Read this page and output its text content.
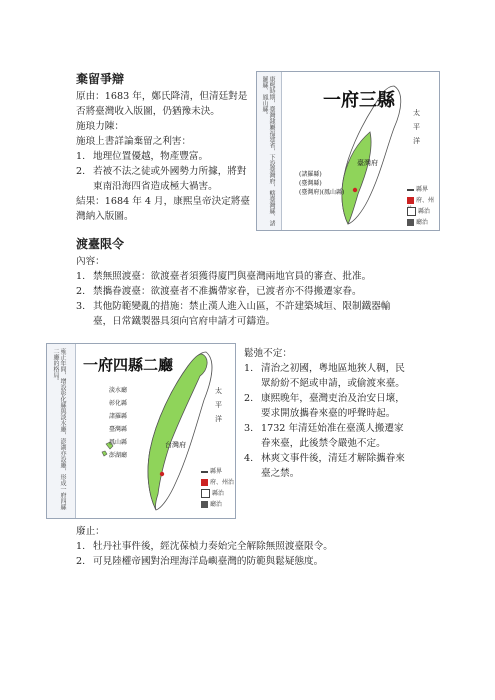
棄留爭辯
原由：1683 年，鄭氏降清，但清廷對是否將臺灣收入版圖，仍猶豫未決。
施琅力陳：
施琅上書詳論棄留之利害：
1. 地理位置優越，物產豐富。
2. 若被不法之徒或外國勢力所據，將對東南沿海四省造成極大禍害。
結果：1684 年 4 月，康熙皇帝決定將臺灣納入版圖。	康熙時期，臺灣隸屬福建省，下設臺灣府，轄臺灣縣、諸羅縣、鳳山縣。	一府三縣
太平洋
臺灣府
(諸羅縣)
(臺灣縣)
(臺灣府)(鳳山縣)	縣界
府、州
縣治
廳治
渡臺限令
內容：
1. 禁無照渡臺：欲渡臺者須獲得廈門與臺灣兩地官員的審查、批准。
2. 禁攜眷渡臺：欲渡臺者不准攜帶家眷，已渡者亦不得搬遷家眷。
3. 其他防範變亂的措施：禁止漢人進入山區，不許建築城垣、限制鐵器輸臺，日常鐵製器具須向官府申請才可鑄造。
雍正年間，增設彰化縣與淡水廳，澎湖亦設廳，形成一府四縣二廳的格局。	一府四縣二廳
太平洋
台灣府
淡水廳
彰化縣
諸羅縣
臺灣縣
鳳山縣
澎湖廳
縣界
府、州治
縣治
廳治
鬆弛不定：
1. 清治之初國，粵地區地狹人稠，民眾紛紛不絕或申請，或偷渡來臺。
2. 康熙晚年，臺灣吏治及治安日壞，要求開放攜眷來臺的呼聲時起。
3. 1732 年清廷始准在臺漢人搬遷家眷來臺，此後禁令嚴弛不定。
4. 林爽文事件後，清廷才解除攜眷來臺之禁。
廢止：
1. 牡丹社事件後，經沈葆楨力奏始完全解除無照渡臺限令。
2. 可見陸權帝國對治理海洋島嶼臺灣的防範與鬆疑態度。
